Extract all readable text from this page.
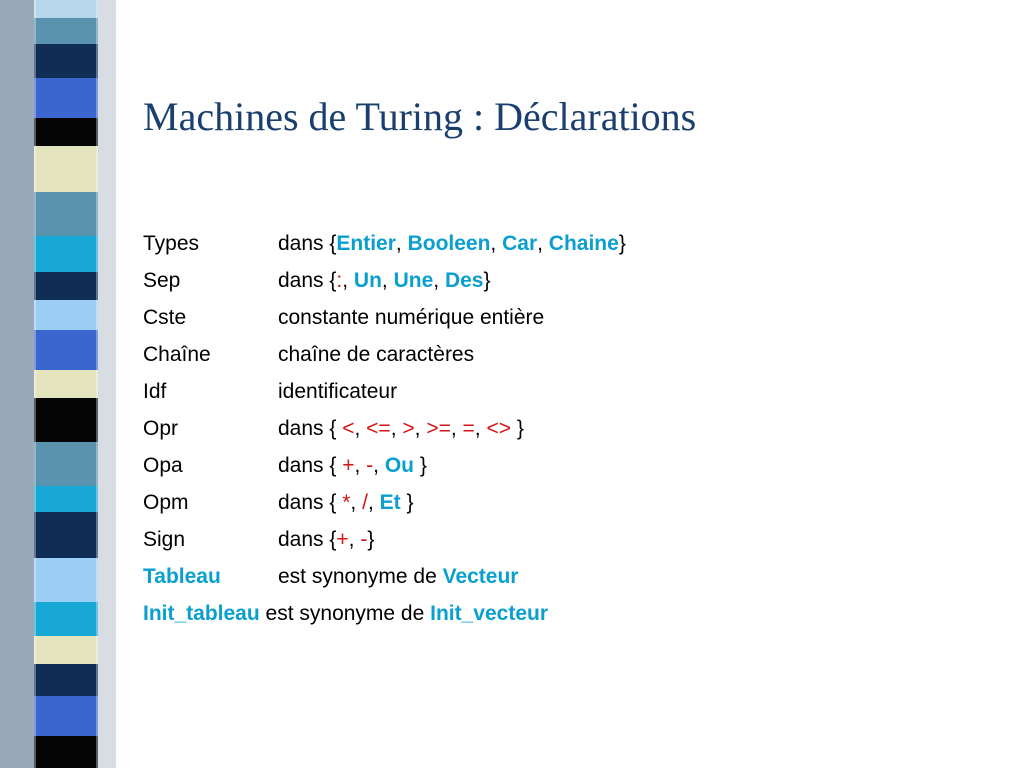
Machines de Turing : Déclarations
Types	dans {Entier, Booleen, Car, Chaine}
Sep	dans {:, Un, Une, Des}
Cste	constante numérique entière
Chaîne	chaîne de caractères
Idf	identificateur
Opr	dans { <, <=, >, >=, =, <> }
Opa	dans { +, -, Ou }
Opm	dans { *, /, Et }
Sign	dans {+, -}
Tableau	est synonyme de Vecteur
Init_tableau est synonyme de Init_vecteur
